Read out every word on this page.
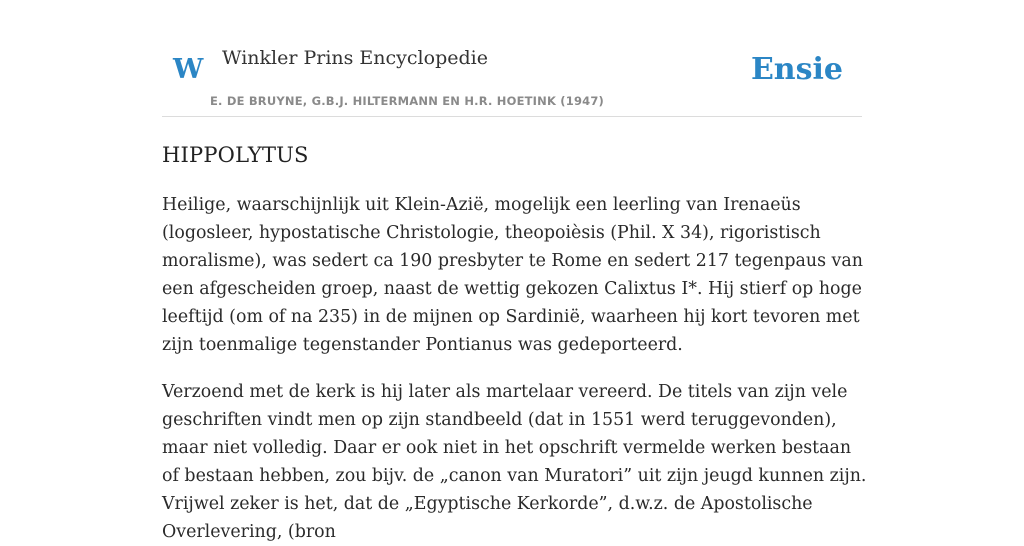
W Winkler Prins Encyclopedie
E. DE BRUYNE, G.B.J. HILTERMANN EN H.R. HOETINK (1947)
Ensie
HIPPOLYTUS

Heilige, waarschijnlijk uit Klein-Azië, mogelijk een leerling van Irenaeüs (logosleer, hypostatische Christologie, theopoièsis (Phil. X 34), rigoristisch moralisme), was sedert ca 190 presbyter te Rome en sedert 217 tegenpaus van een afgescheiden groep, naast de wettig gekozen Calixtus I*. Hij stierf op hoge leeftijd (om of na 235) in de mijnen op Sardinië, waarheen hij kort tevoren met zijn toenmalige tegenstander Pontianus was gedeporteerd.

Verzoend met de kerk is hij later als martelaar vereerd. De titels van zijn vele geschriften vindt men op zijn standbeeld (dat in 1551 werd teruggevonden), maar niet volledig. Daar er ook niet in het opschrift vermelde werken bestaan of bestaan hebben, zou bijv. de „canon van Muratori” uit zijn jeugd kunnen zijn. Vrijwel zeker is het, dat de „Egyptische Kerkorde”, d.w.z. de Apostolische Overlevering, (bron
